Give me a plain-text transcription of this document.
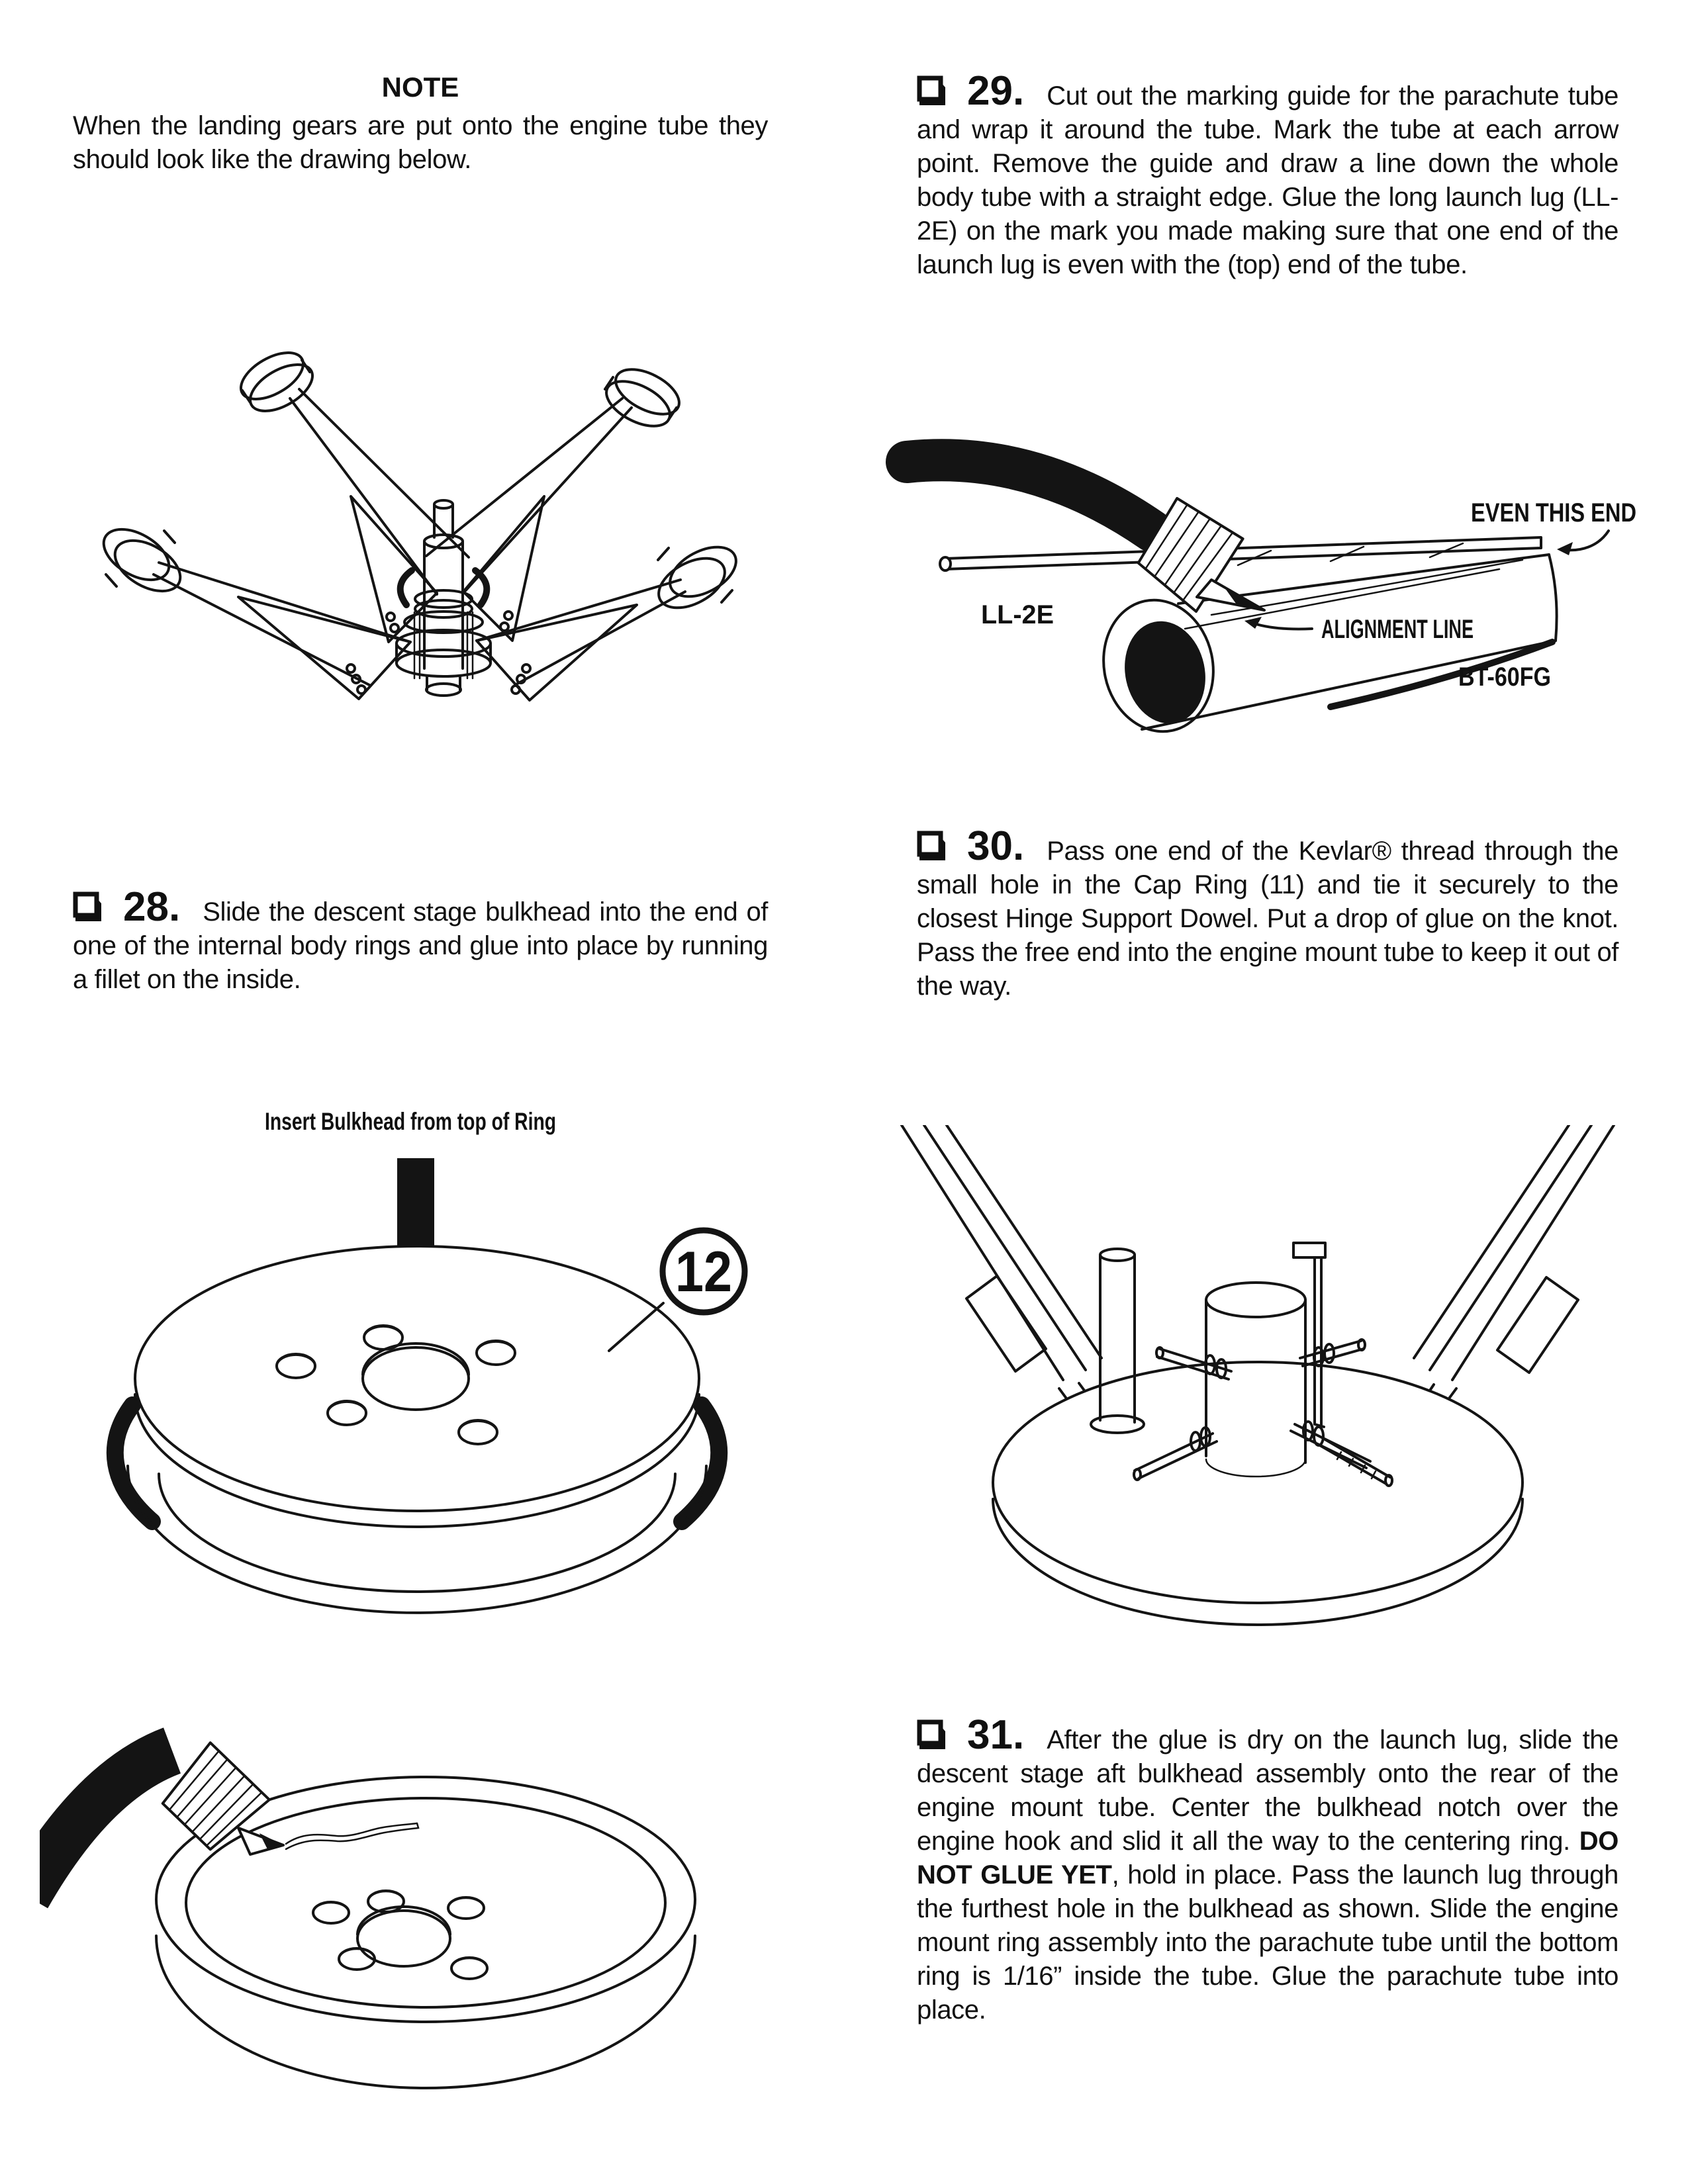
NOTE
When the landing gears are put onto the engine tube they should look like the drawing below.
28. Slide the descent stage bulkhead into the end of one of the internal body rings and glue into place by running a fillet on the inside.
Insert Bulkhead from top of Ring
12
29. Cut out the marking guide for the parachute tube and wrap it around the tube. Mark the tube at each arrow point. Remove the guide and draw a line down the whole body tube with a straight edge. Glue the long launch lug (LL-2E) on the mark you made making sure that one end of the launch lug is even with the (top) end of the tube.
EVEN THIS END
LL-2E	ALIGNMENT LINE
BT-60FG
30. Pass one end of the Kevlar® thread through the small hole in the Cap Ring (11) and tie it securely to the closest Hinge Support Dowel. Put a drop of glue on the knot. Pass the free end into the engine mount tube to keep it out of the way.
31. After the glue is dry on the launch lug, slide the descent stage aft bulkhead assembly onto the rear of the engine mount tube. Center the bulkhead notch over the engine hook and slid it all the way to the centering ring. DO NOT GLUE YET, hold in place. Pass the launch lug through the furthest hole in the bulkhead as shown. Slide the engine mount ring assembly into the parachute tube until the bottom ring is 1/16” inside the tube. Glue the parachute tube into place.
